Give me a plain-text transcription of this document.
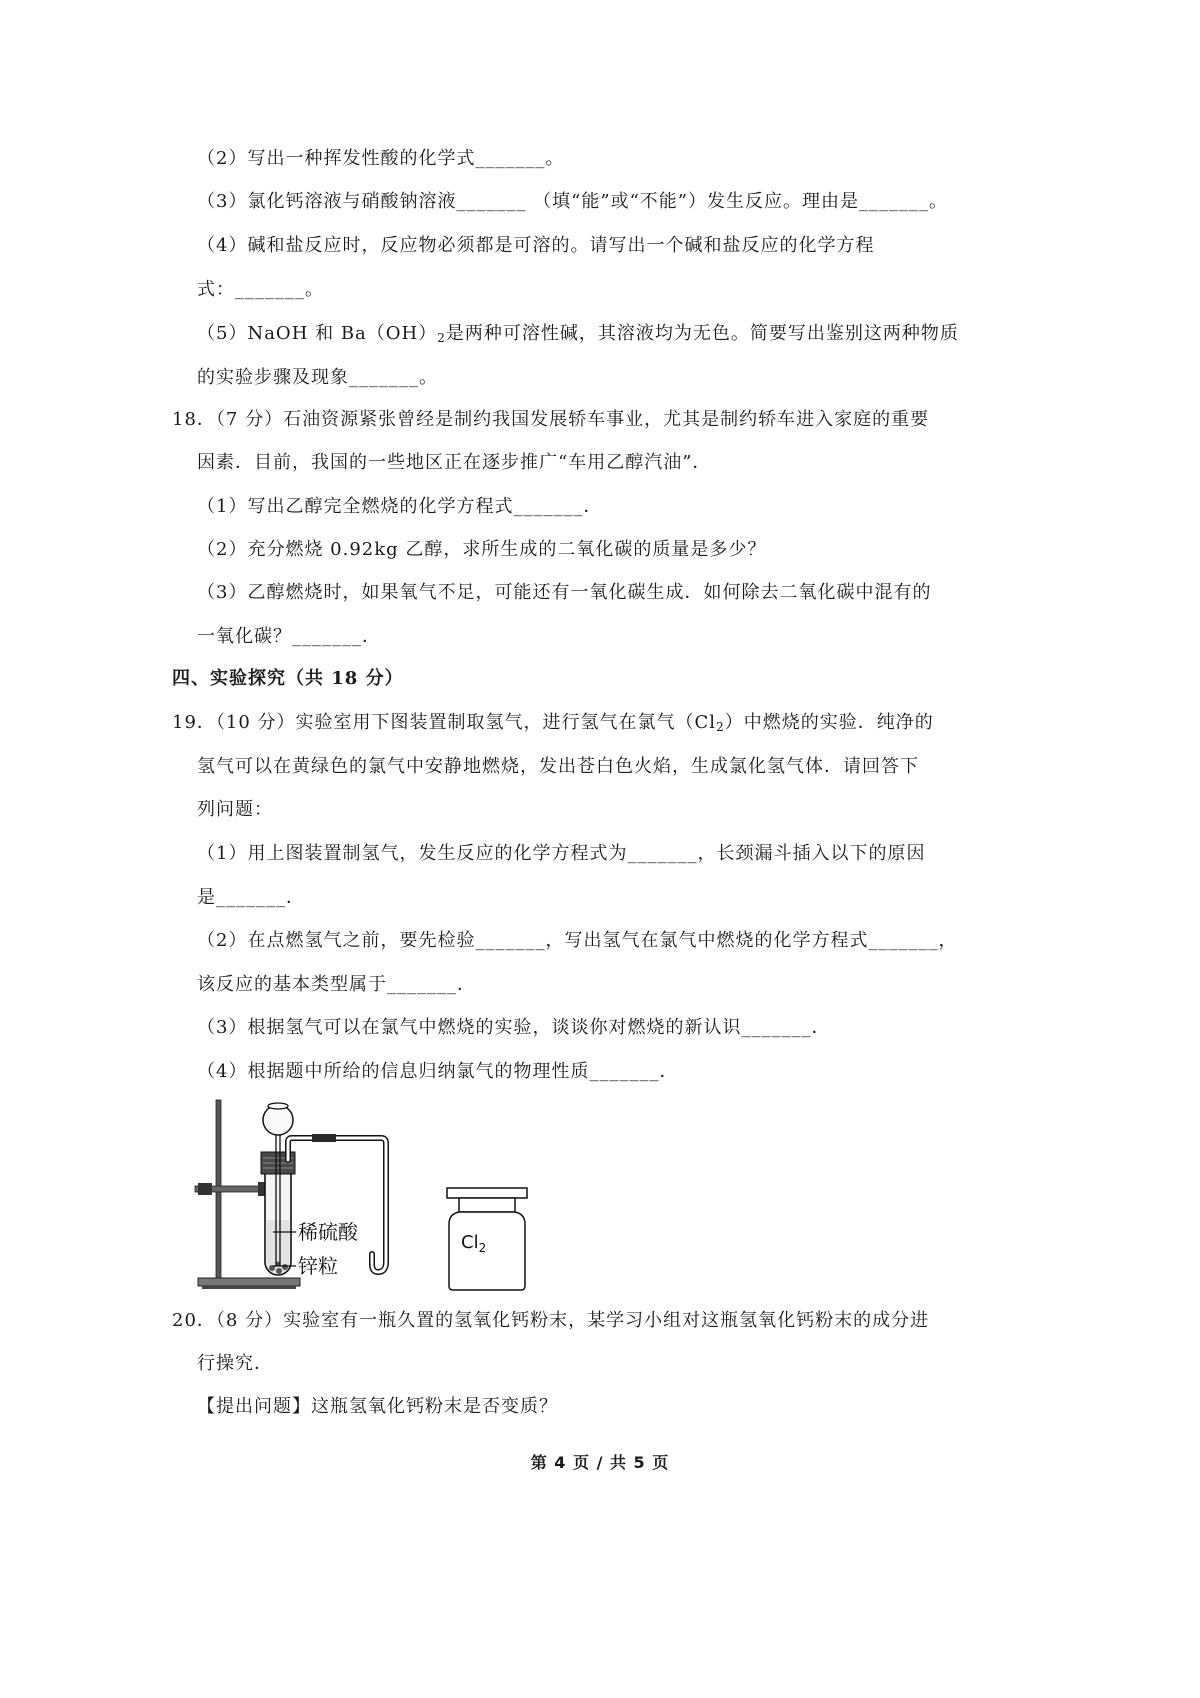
（2）写出一种挥发性酸的化学式_______。
（3）氯化钙溶液与硝酸钠溶液_______ （填“能”或“不能”）发生反应。理由是_______。
（4）碱和盐反应时，反应物必须都是可溶的。请写出一个碱和盐反应的化学方程
式：_______。
（5）NaOH 和 $Ba(OH)_2$是两种可溶性碱，其溶液均为无色。简要写出鉴别这两种物质
的实验步骤及现象_______。
18．（7 分）石油资源紧张曾经是制约我国发展轿车事业，尤其是制约轿车进入家庭的重要
因素．目前，我国的一些地区正在逐步推广“车用乙醇汽油”．
（1）写出乙醇完全燃烧的化学方程式_______．
（2）充分燃烧 0.92kg 乙醇，求所生成的二氧化碳的质量是多少？
（3）乙醇燃烧时，如果氧气不足，可能还有一氧化碳生成．如何除去二氧化碳中混有的
一氧化碳？_______．
四、实验探究（共 18 分）
19．（10 分）实验室用下图装置制取氢气，进行氢气在氯气$(Cl_2)$中燃烧的实验．纯净的
氢气可以在黄绿色的氯气中安静地燃烧，发出苍白色火焰，生成氯化氢气体．请回答下
列问题：
（1）用上图装置制氢气，发生反应的化学方程式为_______，长颈漏斗插入以下的原因
是_______．
（2）在点燃氢气之前，要先检验_______，写出氢气在氯气中燃烧的化学方程式_______，
该反应的基本类型属于_______．
（3）根据氢气可以在氯气中燃烧的实验，谈谈你对燃烧的新认识_______．
（4）根据题中所给的信息归纳氯气的物理性质_______．
稀硫酸
锌粒
$Cl_2$
20．（8 分）实验室有一瓶久置的氢氧化钙粉末，某学习小组对这瓶氢氧化钙粉末的成分进
行操究．
【提出问题】这瓶氢氧化钙粉末是否变质？
第 4 页 / 共 5 页
